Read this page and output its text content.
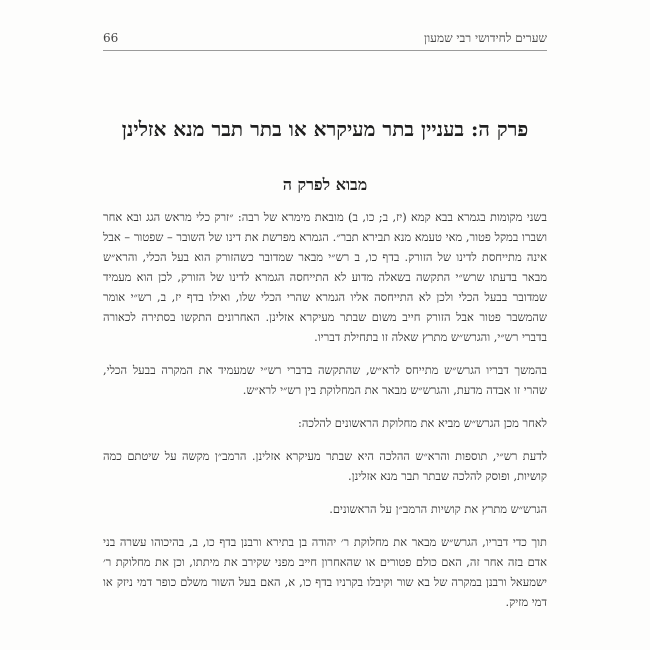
שערים לחידושי רבי שמעון
66
פרק ה: בעניין בתר מעיקרא או בתר תבר מנא אזלינן
מבוא לפרק ה

בשני מקומות בגמרא בבא קמא (יז, ב; כו, ב) מובאת מימרא של רבה: ״זרק כלי מראש הגג ובא אחר ושברו במקל פטור, מאי טעמא מנא תבירא תבר״. הגמרא מפרשת את דינו של השובר – שפטור – אבל אינה מתייחסת לדינו של הזורק. בדף כו, ב רש״י מבאר שמדובר כשהזורק הוא בעל הכלי, והרא״ש מבאר בדעתו שרש״י התקשה בשאלה מדוע לא התייחסה הגמרא לדינו של הזורק, לכן הוא מעמיד שמדובר בבעל הכלי ולכן לא התייחסה אליו הגמרא שהרי הכלי שלו, ואילו בדף יז, ב, רש״י אומר שהמשבר פטור אבל הזורק חייב משום שבתר מעיקרא אזלינן. האחרונים התקשו בסתירה לכאורה בדברי רש״י, והגרש״ש מתרץ שאלה זו בתחילת דבריו.

בהמשך דבריו הגרש״ש מתייחס לרא״ש, שהתקשה בדברי רש״י שמעמיד את המקרה בבעל הכלי, שהרי זו אבדה מדעת, והגרש״ש מבאר את המחלוקת בין רש״י לרא״ש.

לאחר מכן הגרש״ש מביא את מחלוקת הראשונים להלכה:

לדעת רש״י, תוספות והרא״ש ההלכה היא שבתר מעיקרא אזלינן. הרמב״ן מקשה על שיטתם כמה קושיות, ופוסק להלכה שבתר תבר מנא אזלינן.

הגרש״ש מתרץ את קושיות הרמב״ן על הראשונים.

תוך כדי דבריו, הגרש״ש מבאר את מחלוקת ר׳ יהודה בן בתירא ורבנן בדף כו, ב, בהיכוהו עשרה בני אדם בזה אחר זה, האם כולם פטורים או שהאחרון חייב מפני שקירב את מיתתו, וכן את מחלוקת ר׳ ישמעאל ורבנן במקרה של בא שור וקיבלו בקרניו בדף כו, א, האם בעל השור משלם כופר דמי ניזק או דמי מזיק.
